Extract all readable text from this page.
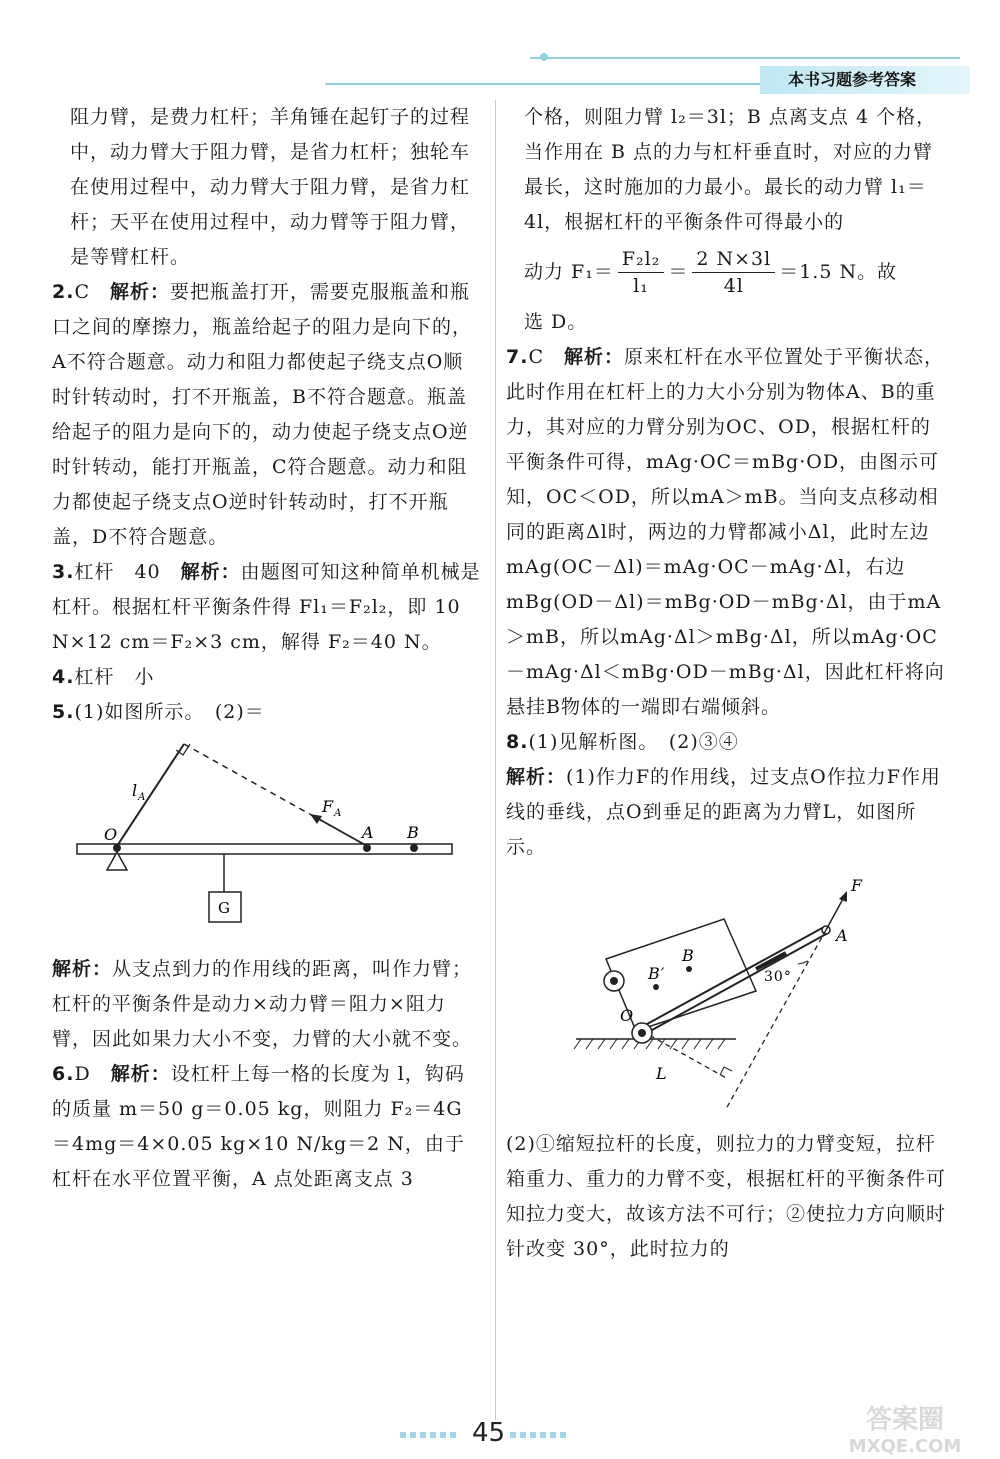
本书习题参考答案

阻力臂，是费力杠杆；羊角锤在起钉子的过程中，动力臂大于阻力臂，是省力杠杆；独轮车在使用过程中，动力臂大于阻力臂，是省力杠杆；天平在使用过程中，动力臂等于阻力臂，是等臂杠杆。

2.C　 解析：要把瓶盖打开，需要克服瓶盖和瓶口之间的摩擦力，瓶盖给起子的阻力是向下的，A不符合题意。动力和阻力都使起子绕支点O顺时针转动时，打不开瓶盖，B不符合题意。瓶盖给起子的阻力是向下的，动力使起子绕支点O逆时针转动，能打开瓶盖，C符合题意。动力和阻力都使起子绕支点O逆时针转动时，打不开瓶盖，D不符合题意。

3.杠杆　40　 解析：由题图可知这种简单机械是杠杆。根据杠杆平衡条件得 Fl₁＝F₂l₂，即 10 N×12 cm＝F₂×3 cm，解得 F₂＝40 N。

4.杠杆　小

5.(1)如图所示。　(2)＝

$l_A$	$F_A$
O	A B
G

解析：从支点到力的作用线的距离，叫作力臂；杠杆的平衡条件是动力×动力臂＝阻力×阻力臂，因此如果力大小不变，力臂的大小就不变。

6.D　 解析：设杠杆上每一格的长度为 l，钩码的质量 m＝50 g＝0.05 kg，则阻力 F₂＝4G＝4mg＝4×0.05 kg×10 N/kg＝2 N，由于杠杆在水平位置平衡，A 点处距离支点 3

个格，则阻力臂 l₂＝3l；B 点离支点 4 个格，当作用在 B 点的力与杠杆垂直时，对应的力臂最长，这时施加的力最小。最长的动力臂 l₁＝4l，根据杠杆的平衡条件可得最小的

动力 $F_1= \frac{\text{F₂l₂}}{\text{l₁}} = \frac{2 N\times 3l}{4l} =1.5$ N。故

选 D。

7.C　 解析：原来杠杆在水平位置处于平衡状态，此时作用在杠杆上的力大小分别为物体A、B的重力，其对应的力臂分别为OC、OD，根据杠杆的平衡条件可得，mAg·OC＝mBg·OD，由图示可知，OC＜OD，所以mA＞mB。当向支点移动相同的距离Δl时，两边的力臂都减小Δl，此时左边mAg(OC－Δl)＝mAg·OC－mAg·Δl，右边mBg(OD－Δl)＝mBg·OD－mBg·Δl，由于mA＞mB，所以mAg·Δl＞mBg·Δl，所以mAg·OC－mAg·Δl＜mBg·OD－mBg·Δl，因此杠杆将向悬挂B物体的一端即右端倾斜。

8.(1)见解析图。　(2)③④

解析：(1)作力F的作用线，过支点O作拉力F作用线的垂线，点O到垂足的距离为力臂L，如图所示。

F
A
B
B′
O
L
30°

(2)①缩短拉杆的长度，则拉力的力臂变短，拉杆箱重力、重力的力臂不变，根据杠杆的平衡条件可知拉力变大，故该方法不可行；②使拉力方向顺时针改变 30°，此时拉力的

45	答案圈
MXQE.COM
